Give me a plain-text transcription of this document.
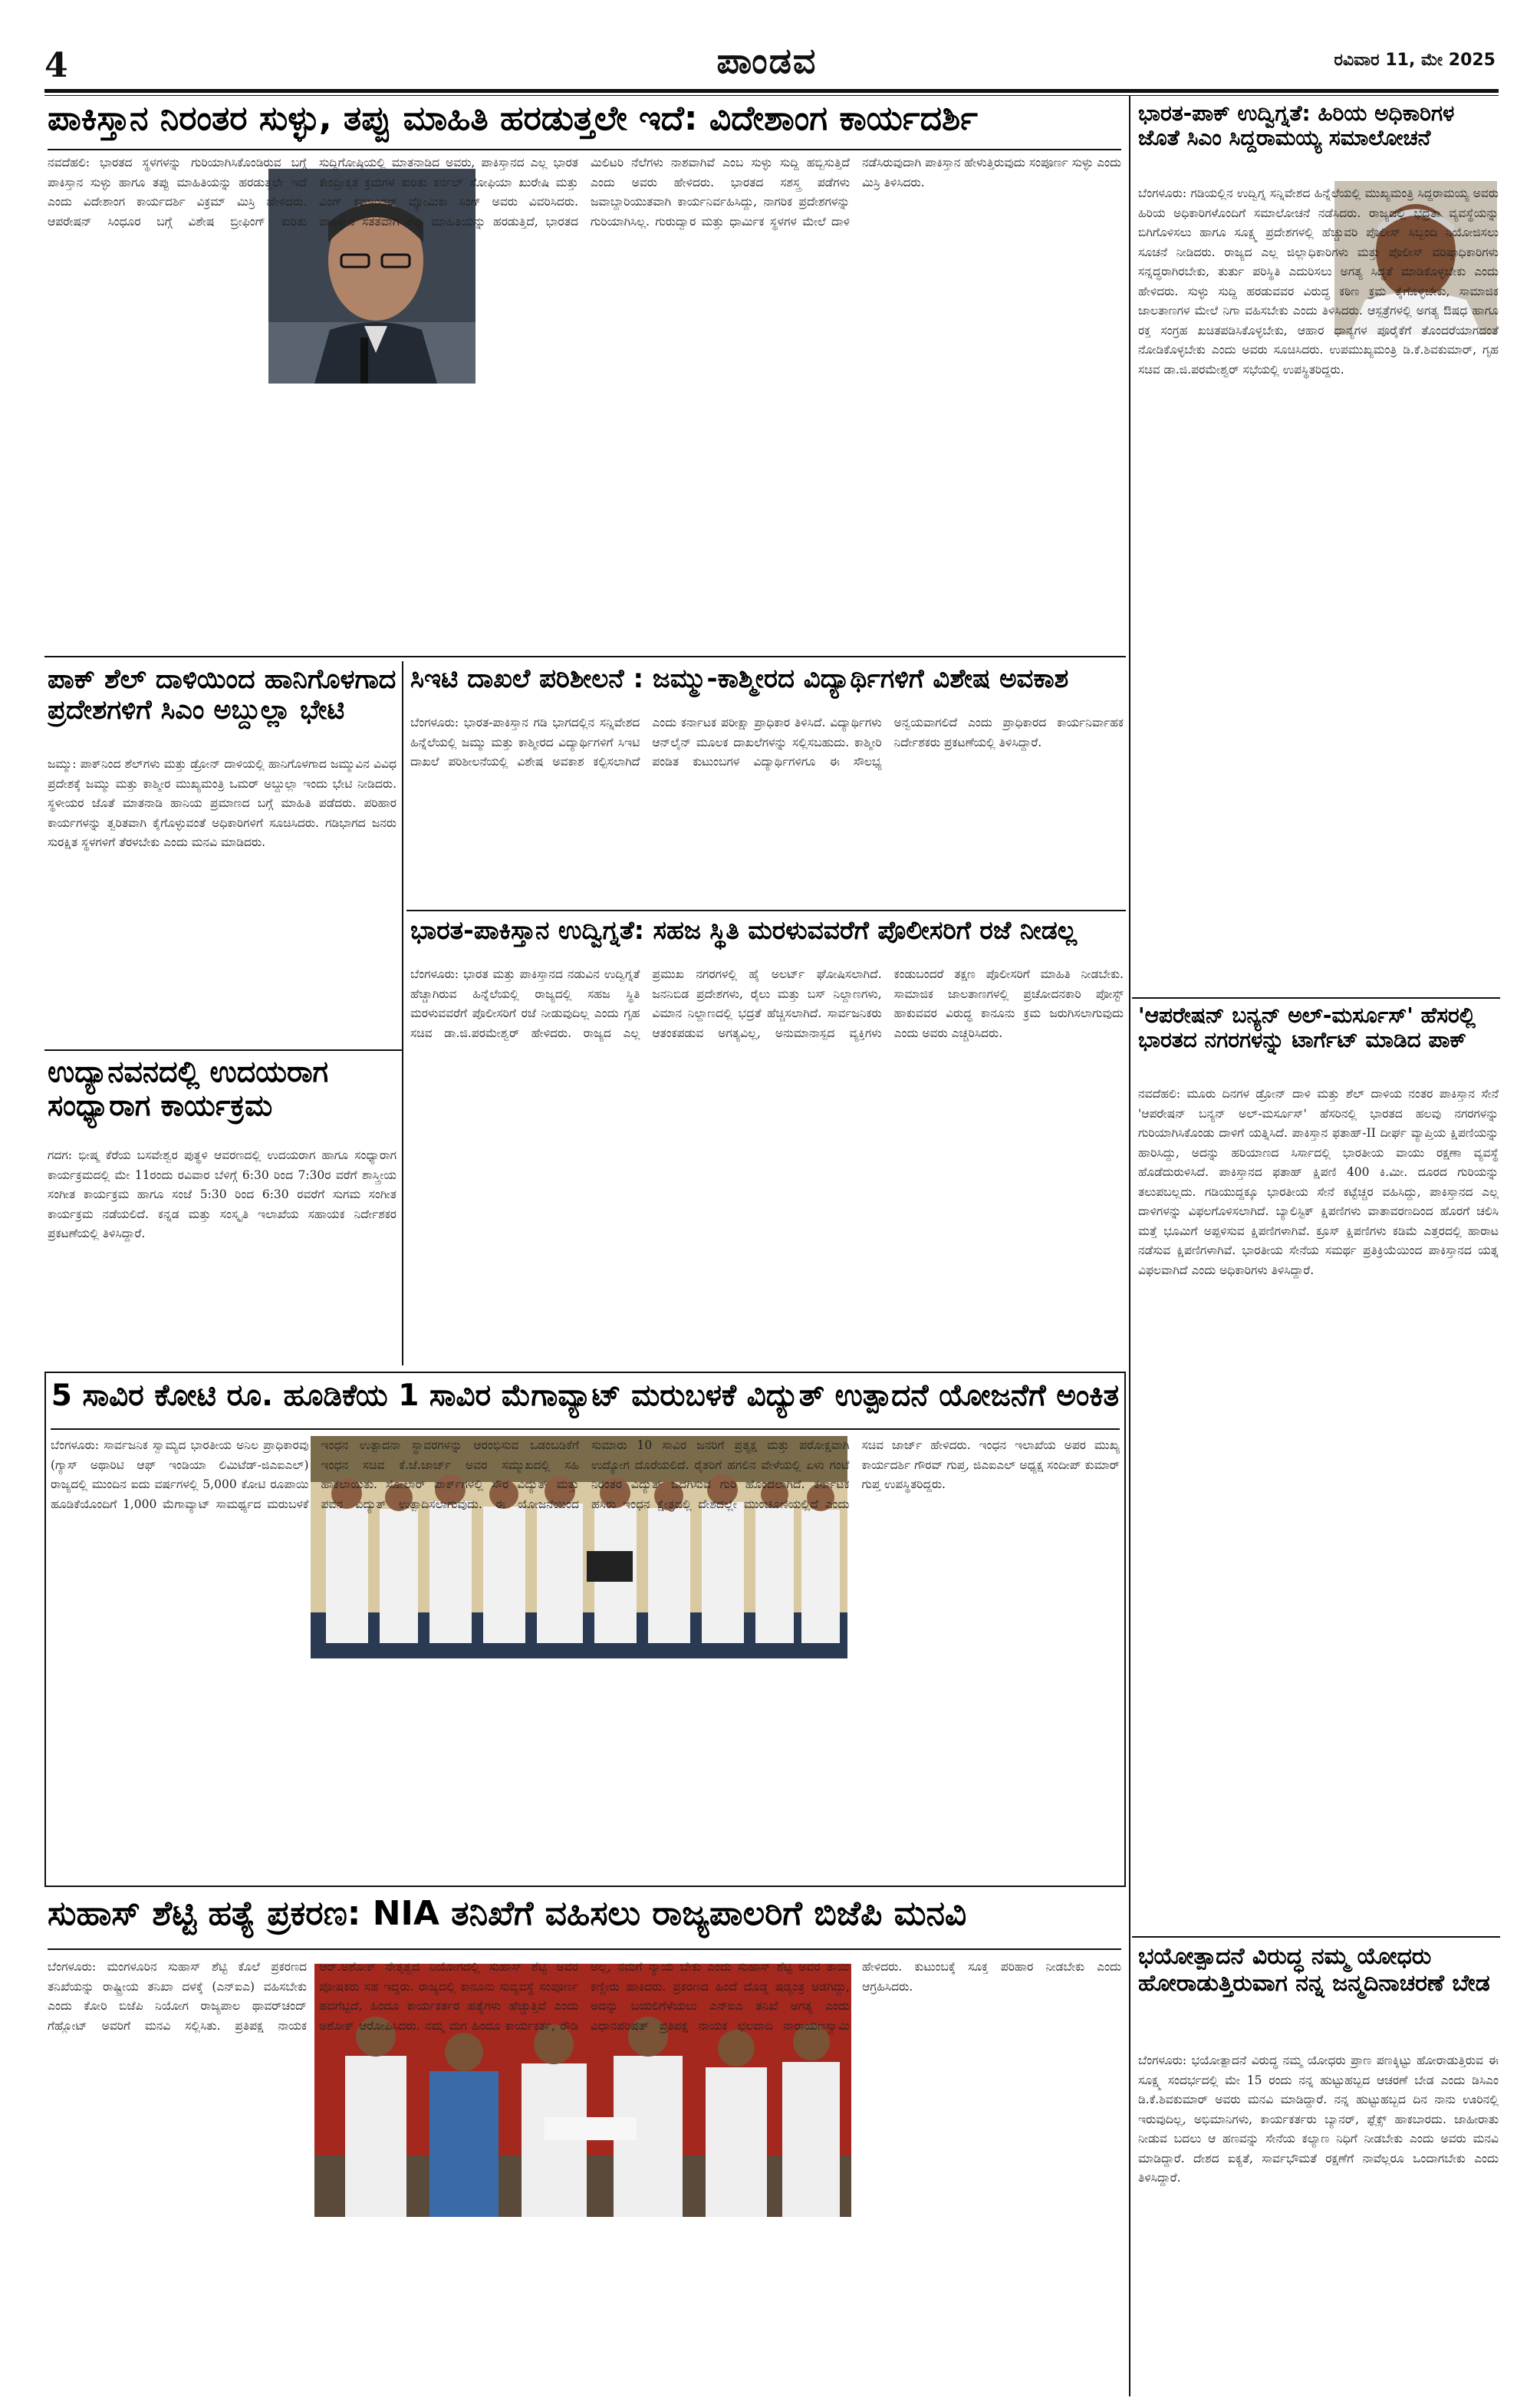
4	ಪಾಂಡವ	ರವಿವಾರ 11, ಮೇ 2025
ಪಾಕಿಸ್ತಾನ ನಿರಂತರ ಸುಳ್ಳು, ತಪ್ಪು ಮಾಹಿತಿ ಹರಡುತ್ತಲೇ ಇದೆ: ವಿದೇಶಾಂಗ ಕಾರ್ಯದರ್ಶಿ
ನವದೆಹಲಿ: ಭಾರತದ ಸ್ಥಳಗಳನ್ನು ಗುರಿಯಾಗಿಸಿಕೊಂಡಿರುವ ಬಗ್ಗೆ ಪಾಕಿಸ್ತಾನ ಸುಳ್ಳು ಹಾಗೂ ತಪ್ಪು ಮಾಹಿತಿಯನ್ನು ಹರಡುತ್ತಲೇ ಇದೆ ಎಂದು ವಿದೇಶಾಂಗ ಕಾರ್ಯದರ್ಶಿ ವಿಕ್ರಮ್ ಮಿಸ್ರಿ ಹೇಳಿದರು. ಆಪರೇಷನ್ ಸಿಂಧೂರ ಬಗ್ಗೆ ವಿಶೇಷ ಬ್ರೀಫಿಂಗ್ ಕುರಿತು ಸುದ್ದಿಗೋಷ್ಠಿಯಲ್ಲಿ ಮಾತನಾಡಿದ ಅವರು, ಪಾಕಿಸ್ತಾನದ ಎಲ್ಲ ಭಾರತ ಕೇಂದ್ರೀಕೃತ ಕ್ರಮಗಳ ಕುರಿತು ಕರ್ನಲ್ ಸೋಫಿಯಾ ಖುರೇಷಿ ಮತ್ತು ವಿಂಗ್ ಕಮಾಂಡರ್ ವ್ಯೋಮಿಕಾ ಸಿಂಗ್ ಅವರು ವಿವರಿಸಿದರು. ಪಾಕಿಸ್ತಾನ ಸತತವಾಗಿ ತಪ್ಪು ಮಾಹಿತಿಯನ್ನು ಹರಡುತ್ತಿದೆ, ಭಾರತದ ಮಿಲಿಟರಿ ನೆಲೆಗಳು ನಾಶವಾಗಿವೆ ಎಂಬ ಸುಳ್ಳು ಸುದ್ದಿ ಹಬ್ಬಿಸುತ್ತಿದೆ ಎಂದು ಅವರು ಹೇಳಿದರು. ಭಾರತದ ಸಶಸ್ತ್ರ ಪಡೆಗಳು ಜವಾಬ್ದಾರಿಯುತವಾಗಿ ಕಾರ್ಯನಿರ್ವಹಿಸಿದ್ದು, ನಾಗರಿಕ ಪ್ರದೇಶಗಳನ್ನು ಗುರಿಯಾಗಿಸಿಲ್ಲ. ಗುರುದ್ವಾರ ಮತ್ತು ಧಾರ್ಮಿಕ ಸ್ಥಳಗಳ ಮೇಲೆ ದಾಳಿ ನಡೆಸಿರುವುದಾಗಿ ಪಾಕಿಸ್ತಾನ ಹೇಳುತ್ತಿರುವುದು ಸಂಪೂರ್ಣ ಸುಳ್ಳು ಎಂದು ಮಿಸ್ರಿ ತಿಳಿಸಿದರು.
ಪಾಕ್ ಶೆಲ್ ದಾಳಿಯಿಂದ ಹಾನಿಗೊಳಗಾದ ಪ್ರದೇಶಗಳಿಗೆ ಸಿಎಂ ಅಬ್ದುಲ್ಲಾ ಭೇಟಿ
ಜಮ್ಮು: ಪಾಕ್‌ನಿಂದ ಶೆಲ್‌ಗಳು ಮತ್ತು ಡ್ರೋನ್ ದಾಳಿಯಲ್ಲಿ ಹಾನಿಗೊಳಗಾದ ಜಮ್ಮುವಿನ ವಿವಿಧ ಪ್ರದೇಶಕ್ಕೆ ಜಮ್ಮು ಮತ್ತು ಕಾಶ್ಮೀರ ಮುಖ್ಯಮಂತ್ರಿ ಒಮರ್ ಅಬ್ದುಲ್ಲಾ ಇಂದು ಭೇಟಿ ನೀಡಿದರು. ಸ್ಥಳೀಯರ ಜೊತೆ ಮಾತನಾಡಿ ಹಾನಿಯ ಪ್ರಮಾಣದ ಬಗ್ಗೆ ಮಾಹಿತಿ ಪಡೆದರು. ಪರಿಹಾರ ಕಾರ್ಯಗಳನ್ನು ತ್ವರಿತವಾಗಿ ಕೈಗೊಳ್ಳುವಂತೆ ಅಧಿಕಾರಿಗಳಿಗೆ ಸೂಚಿಸಿದರು. ಗಡಿಭಾಗದ ಜನರು ಸುರಕ್ಷಿತ ಸ್ಥಳಗಳಿಗೆ ತೆರಳಬೇಕು ಎಂದು ಮನವಿ ಮಾಡಿದರು.
ಸಿಇಟಿ ದಾಖಲೆ ಪರಿಶೀಲನೆ : ಜಮ್ಮು-ಕಾಶ್ಮೀರದ ವಿದ್ಯಾರ್ಥಿಗಳಿಗೆ ವಿಶೇಷ ಅವಕಾಶ
ಬೆಂಗಳೂರು: ಭಾರತ-ಪಾಕಿಸ್ತಾನ ಗಡಿ ಭಾಗದಲ್ಲಿನ ಸನ್ನಿವೇಶದ ಹಿನ್ನೆಲೆಯಲ್ಲಿ ಜಮ್ಮು ಮತ್ತು ಕಾಶ್ಮೀರದ ವಿದ್ಯಾರ್ಥಿಗಳಿಗೆ ಸಿಇಟಿ ದಾಖಲೆ ಪರಿಶೀಲನೆಯಲ್ಲಿ ವಿಶೇಷ ಅವಕಾಶ ಕಲ್ಪಿಸಲಾಗಿದೆ ಎಂದು ಕರ್ನಾಟಕ ಪರೀಕ್ಷಾ ಪ್ರಾಧಿಕಾರ ತಿಳಿಸಿದೆ. ವಿದ್ಯಾರ್ಥಿಗಳು ಆನ್‌ಲೈನ್ ಮೂಲಕ ದಾಖಲೆಗಳನ್ನು ಸಲ್ಲಿಸಬಹುದು. ಕಾಶ್ಮೀರಿ ಪಂಡಿತ ಕುಟುಂಬಗಳ ವಿದ್ಯಾರ್ಥಿಗಳಿಗೂ ಈ ಸೌಲಭ್ಯ ಅನ್ವಯವಾಗಲಿದೆ ಎಂದು ಪ್ರಾಧಿಕಾರದ ಕಾರ್ಯನಿರ್ವಾಹಕ ನಿರ್ದೇಶಕರು ಪ್ರಕಟಣೆಯಲ್ಲಿ ತಿಳಿಸಿದ್ದಾರೆ.
ಭಾರತ-ಪಾಕಿಸ್ತಾನ ಉದ್ವಿಗ್ನತೆ: ಸಹಜ ಸ್ಥಿತಿ ಮರಳುವವರೆಗೆ ಪೊಲೀಸರಿಗೆ ರಜೆ ನೀಡಲ್ಲ
ಬೆಂಗಳೂರು: ಭಾರತ ಮತ್ತು ಪಾಕಿಸ್ತಾನದ ನಡುವಿನ ಉದ್ವಿಗ್ನತೆ ಹೆಚ್ಚಾಗಿರುವ ಹಿನ್ನೆಲೆಯಲ್ಲಿ ರಾಜ್ಯದಲ್ಲಿ ಸಹಜ ಸ್ಥಿತಿ ಮರಳುವವರೆಗೆ ಪೊಲೀಸರಿಗೆ ರಜೆ ನೀಡುವುದಿಲ್ಲ ಎಂದು ಗೃಹ ಸಚಿವ ಡಾ.ಜಿ.ಪರಮೇಶ್ವರ್ ಹೇಳಿದರು. ರಾಜ್ಯದ ಎಲ್ಲ ಪ್ರಮುಖ ನಗರಗಳಲ್ಲಿ ಹೈ ಅಲರ್ಟ್ ಘೋಷಿಸಲಾಗಿದೆ. ಜನನಿಬಿಡ ಪ್ರದೇಶಗಳು, ರೈಲು ಮತ್ತು ಬಸ್ ನಿಲ್ದಾಣಗಳು, ವಿಮಾನ ನಿಲ್ದಾಣದಲ್ಲಿ ಭದ್ರತೆ ಹೆಚ್ಚಿಸಲಾಗಿದೆ. ಸಾರ್ವಜನಿಕರು ಆತಂಕಪಡುವ ಅಗತ್ಯವಿಲ್ಲ, ಅನುಮಾನಾಸ್ಪದ ವ್ಯಕ್ತಿಗಳು ಕಂಡುಬಂದರೆ ತಕ್ಷಣ ಪೊಲೀಸರಿಗೆ ಮಾಹಿತಿ ನೀಡಬೇಕು. ಸಾಮಾಜಿಕ ಜಾಲತಾಣಗಳಲ್ಲಿ ಪ್ರಚೋದನಕಾರಿ ಪೋಸ್ಟ್ ಹಾಕುವವರ ವಿರುದ್ಧ ಕಾನೂನು ಕ್ರಮ ಜರುಗಿಸಲಾಗುವುದು ಎಂದು ಅವರು ಎಚ್ಚರಿಸಿದರು.
ಉದ್ಯಾನವನದಲ್ಲಿ ಉದಯರಾಗ ಸಂಧ್ಯಾರಾಗ ಕಾರ್ಯಕ್ರಮ
ಗದಗ: ಭೀಷ್ಮ ಕೆರೆಯ ಬಸವೇಶ್ವರ ಪುತ್ಥಳಿ ಆವರಣದಲ್ಲಿ ಉದಯರಾಗ ಹಾಗೂ ಸಂಧ್ಯಾರಾಗ ಕಾರ್ಯಕ್ರಮದಲ್ಲಿ ಮೇ 11ರಂದು ರವಿವಾರ ಬೆಳಿಗ್ಗೆ 6:30 ರಿಂದ 7:30ರ ವರೆಗೆ ಶಾಸ್ತ್ರೀಯ ಸಂಗೀತ ಕಾರ್ಯಕ್ರಮ ಹಾಗೂ ಸಂಜೆ 5:30 ರಿಂದ 6:30 ರವರೆಗೆ ಸುಗಮ ಸಂಗೀತ ಕಾರ್ಯಕ್ರಮ ನಡೆಯಲಿದೆ. ಕನ್ನಡ ಮತ್ತು ಸಂಸ್ಕೃತಿ ಇಲಾಖೆಯ ಸಹಾಯಕ ನಿರ್ದೇಶಕರ ಪ್ರಕಟಣೆಯಲ್ಲಿ ತಿಳಿಸಿದ್ದಾರೆ.
5 ಸಾವಿರ ಕೋಟಿ ರೂ. ಹೂಡಿಕೆಯ 1 ಸಾವಿರ ಮೆಗಾವ್ಯಾಟ್ ಮರುಬಳಕೆ ವಿದ್ಯುತ್ ಉತ್ಪಾದನೆ ಯೋಜನೆಗೆ ಅಂಕಿತ
ಬೆಂಗಳೂರು: ಸಾರ್ವಜನಿಕ ಸ್ವಾಮ್ಯದ ಭಾರತೀಯ ಅನಿಲ ಪ್ರಾಧಿಕಾರವು (ಗ್ಯಾಸ್ ಅಥಾರಿಟಿ ಆಫ್ ಇಂಡಿಯಾ ಲಿಮಿಟೆಡ್-ಜಿಎಐಎಲ್) ರಾಜ್ಯದಲ್ಲಿ ಮುಂದಿನ ಐದು ವರ್ಷಗಳಲ್ಲಿ 5,000 ಕೋಟಿ ರೂಪಾಯಿ ಹೂಡಿಕೆಯೊಂದಿಗೆ 1,000 ಮೆಗಾವ್ಯಾಟ್ ಸಾಮರ್ಥ್ಯದ ಮರುಬಳಕೆ ಇಂಧನ ಉತ್ಪಾದನಾ ಸ್ಥಾವರಗಳನ್ನು ಆರಂಭಿಸುವ ಒಡಂಬಡಿಕೆಗೆ ಇಂಧನ ಸಚಿವ ಕೆ.ಜೆ.ಜಾರ್ಜ್ ಅವರ ಸಮ್ಮುಖದಲ್ಲಿ ಸಹಿ ಹಾಕಲಾಯಿತು. ಸೋಲಾರ್ ಪಾರ್ಕ್‌ಗಳಲ್ಲಿ ಸೌರ ವಿದ್ಯುತ್ ಮತ್ತು ಪವನ ವಿದ್ಯುತ್ ಉತ್ಪಾದಿಸಲಾಗುವುದು. ಈ ಯೋಜನೆಯಿಂದ ಸುಮಾರು 10 ಸಾವಿರ ಜನರಿಗೆ ಪ್ರತ್ಯಕ್ಷ ಮತ್ತು ಪರೋಕ್ಷವಾಗಿ ಉದ್ಯೋಗ ದೊರೆಯಲಿದೆ. ರೈತರಿಗೆ ಹಗಲಿನ ವೇಳೆಯಲ್ಲಿ ಏಳು ಗಂಟೆ ನಿರಂತರ ವಿದ್ಯುತ್ ಒದಗಿಸುವ ಗುರಿ ಹೊಂದಲಾಗಿದೆ. ಕರ್ನಾಟಕ ಹಸಿರು ಇಂಧನ ಕ್ಷೇತ್ರದಲ್ಲಿ ದೇಶದಲ್ಲೇ ಮುಂಚೂಣಿಯಲ್ಲಿದೆ ಎಂದು ಸಚಿವ ಜಾರ್ಜ್ ಹೇಳಿದರು. ಇಂಧನ ಇಲಾಖೆಯ ಅಪರ ಮುಖ್ಯ ಕಾರ್ಯದರ್ಶಿ ಗೌರವ್ ಗುಪ್ತ, ಜಿಎಐಎಲ್ ಅಧ್ಯಕ್ಷ ಸಂದೀಪ್ ಕುಮಾರ್ ಗುಪ್ತ ಉಪಸ್ಥಿತರಿದ್ದರು.
ಸುಹಾಸ್ ಶೆಟ್ಟಿ ಹತ್ಯೆ ಪ್ರಕರಣ: NIA ತನಿಖೆಗೆ ವಹಿಸಲು ರಾಜ್ಯಪಾಲರಿಗೆ ಬಿಜೆಪಿ ಮನವಿ
ಬೆಂಗಳೂರು: ಮಂಗಳೂರಿನ ಸುಹಾಸ್ ಶೆಟ್ಟಿ ಕೊಲೆ ಪ್ರಕರಣದ ತನಿಖೆಯನ್ನು ರಾಷ್ಟ್ರೀಯ ತನಿಖಾ ದಳಕ್ಕೆ (ಎನ್‌ಐಎ) ವಹಿಸಬೇಕು ಎಂದು ಕೋರಿ ಬಿಜೆಪಿ ನಿಯೋಗ ರಾಜ್ಯಪಾಲ ಥಾವರ್‌ಚಂದ್ ಗೆಹ್ಲೋಟ್ ಅವರಿಗೆ ಮನವಿ ಸಲ್ಲಿಸಿತು. ಪ್ರತಿಪಕ್ಷ ನಾಯಕ ಆರ್.ಅಶೋಕ್ ನೇತೃತ್ವದ ನಿಯೋಗದಲ್ಲಿ ಸುಹಾಸ್ ಶೆಟ್ಟಿ ಅವರ ಪೋಷಕರು ಸಹ ಇದ್ದರು. ರಾಜ್ಯದಲ್ಲಿ ಕಾನೂನು ಸುವ್ಯವಸ್ಥೆ ಸಂಪೂರ್ಣ ಹದಗೆಟ್ಟಿದೆ, ಹಿಂದೂ ಕಾರ್ಯಕರ್ತರ ಹತ್ಯೆಗಳು ಹೆಚ್ಚುತ್ತಿವೆ ಎಂದು ಅಶೋಕ್ ಆರೋಪಿಸಿದರು. ನಮ್ಮ ಮಗ ಹಿಂದೂ ಕಾರ್ಯಕರ್ತ, ರೌಡಿ ಅಲ್ಲ, ನಮಗೆ ನ್ಯಾಯ ಬೇಕು ಎಂದು ಸುಹಾಸ್ ಶೆಟ್ಟಿ ಅವರ ತಾಯಿ ಕಣ್ಣೀರು ಹಾಕಿದರು. ಪ್ರಕರಣದ ಹಿಂದೆ ದೊಡ್ಡ ಷಡ್ಯಂತ್ರ ಅಡಗಿದ್ದು, ಅದನ್ನು ಬಯಲಿಗೆಳೆಯಲು ಎನ್‌ಐಎ ತನಿಖೆ ಅಗತ್ಯ ಎಂದು ವಿಧಾನಪರಿಷತ್ ಪ್ರತಿಪಕ್ಷ ನಾಯಕ ಛಲವಾದಿ ನಾರಾಯಣಸ್ವಾಮಿ ಹೇಳಿದರು. ಕುಟುಂಬಕ್ಕೆ ಸೂಕ್ತ ಪರಿಹಾರ ನೀಡಬೇಕು ಎಂದು ಆಗ್ರಹಿಸಿದರು.
ಭಾರತ-ಪಾಕ್ ಉದ್ವಿಗ್ನತೆ: ಹಿರಿಯ ಅಧಿಕಾರಿಗಳ ಜೊತೆ ಸಿಎಂ ಸಿದ್ದರಾಮಯ್ಯ ಸಮಾಲೋಚನೆ
ಬೆಂಗಳೂರು: ಗಡಿಯಲ್ಲಿನ ಉದ್ವಿಗ್ನ ಸನ್ನಿವೇಶದ ಹಿನ್ನೆಲೆಯಲ್ಲಿ ಮುಖ್ಯಮಂತ್ರಿ ಸಿದ್ದರಾಮಯ್ಯ ಅವರು ಹಿರಿಯ ಅಧಿಕಾರಿಗಳೊಂದಿಗೆ ಸಮಾಲೋಚನೆ ನಡೆಸಿದರು. ರಾಜ್ಯದಲ್ಲಿ ಭದ್ರತಾ ವ್ಯವಸ್ಥೆಯನ್ನು ಬಿಗಿಗೊಳಿಸಲು ಹಾಗೂ ಸೂಕ್ಷ್ಮ ಪ್ರದೇಶಗಳಲ್ಲಿ ಹೆಚ್ಚುವರಿ ಪೊಲೀಸ್ ಸಿಬ್ಬಂದಿ ನಿಯೋಜಿಸಲು ಸೂಚನೆ ನೀಡಿದರು. ರಾಜ್ಯದ ಎಲ್ಲ ಜಿಲ್ಲಾಧಿಕಾರಿಗಳು ಮತ್ತು ಪೊಲೀಸ್ ವರಿಷ್ಠಾಧಿಕಾರಿಗಳು ಸನ್ನದ್ಧರಾಗಿರಬೇಕು, ತುರ್ತು ಪರಿಸ್ಥಿತಿ ಎದುರಿಸಲು ಅಗತ್ಯ ಸಿದ್ಧತೆ ಮಾಡಿಕೊಳ್ಳಬೇಕು ಎಂದು ಹೇಳಿದರು. ಸುಳ್ಳು ಸುದ್ದಿ ಹರಡುವವರ ವಿರುದ್ಧ ಕಠಿಣ ಕ್ರಮ ಕೈಗೊಳ್ಳಬೇಕು, ಸಾಮಾಜಿಕ ಜಾಲತಾಣಗಳ ಮೇಲೆ ನಿಗಾ ವಹಿಸಬೇಕು ಎಂದು ತಿಳಿಸಿದರು. ಆಸ್ಪತ್ರೆಗಳಲ್ಲಿ ಅಗತ್ಯ ಔಷಧ ಹಾಗೂ ರಕ್ತ ಸಂಗ್ರಹ ಖಚಿತಪಡಿಸಿಕೊಳ್ಳಬೇಕು, ಆಹಾರ ಧಾನ್ಯಗಳ ಪೂರೈಕೆಗೆ ತೊಂದರೆಯಾಗದಂತೆ ನೋಡಿಕೊಳ್ಳಬೇಕು ಎಂದು ಅವರು ಸೂಚಿಸಿದರು. ಉಪಮುಖ್ಯಮಂತ್ರಿ ಡಿ.ಕೆ.ಶಿವಕುಮಾರ್, ಗೃಹ ಸಚಿವ ಡಾ.ಜಿ.ಪರಮೇಶ್ವರ್ ಸಭೆಯಲ್ಲಿ ಉಪಸ್ಥಿತರಿದ್ದರು.
'ಆಪರೇಷನ್ ಬನ್ಯನ್ ಅಲ್-ಮರ್ಸೂಸ್' ಹೆಸರಲ್ಲಿ ಭಾರತದ ನಗರಗಳನ್ನು ಟಾರ್ಗೆಟ್ ಮಾಡಿದ ಪಾಕ್
ನವದೆಹಲಿ: ಮೂರು ದಿನಗಳ ಡ್ರೋನ್ ದಾಳಿ ಮತ್ತು ಶೆಲ್ ದಾಳಿಯ ನಂತರ ಪಾಕಿಸ್ತಾನ ಸೇನೆ 'ಆಪರೇಷನ್ ಬನ್ಯನ್ ಅಲ್-ಮರ್ಸೂಸ್' ಹೆಸರಿನಲ್ಲಿ ಭಾರತದ ಹಲವು ನಗರಗಳನ್ನು ಗುರಿಯಾಗಿಸಿಕೊಂಡು ದಾಳಿಗೆ ಯತ್ನಿಸಿದೆ. ಪಾಕಿಸ್ತಾನ ಫತಾಹ್-II ದೀರ್ಘ ವ್ಯಾಪ್ತಿಯ ಕ್ಷಿಪಣಿಯನ್ನು ಹಾರಿಸಿದ್ದು, ಅದನ್ನು ಹರಿಯಾಣದ ಸಿರ್ಸಾದಲ್ಲಿ ಭಾರತೀಯ ವಾಯು ರಕ್ಷಣಾ ವ್ಯವಸ್ಥೆ ಹೊಡೆದುರುಳಿಸಿದೆ. ಪಾಕಿಸ್ತಾನದ ಫತಾಹ್ ಕ್ಷಿಪಣಿ 400 ಕಿ.ಮೀ. ದೂರದ ಗುರಿಯನ್ನು ತಲುಪಬಲ್ಲದು. ಗಡಿಯುದ್ದಕ್ಕೂ ಭಾರತೀಯ ಸೇನೆ ಕಟ್ಟೆಚ್ಚರ ವಹಿಸಿದ್ದು, ಪಾಕಿಸ್ತಾನದ ಎಲ್ಲ ದಾಳಿಗಳನ್ನು ವಿಫಲಗೊಳಿಸಲಾಗಿದೆ. ಬ್ಯಾಲಿಸ್ಟಿಕ್ ಕ್ಷಿಪಣಿಗಳು ವಾತಾವರಣದಿಂದ ಹೊರಗೆ ಚಲಿಸಿ ಮತ್ತೆ ಭೂಮಿಗೆ ಅಪ್ಪಳಿಸುವ ಕ್ಷಿಪಣಿಗಳಾಗಿವೆ. ಕ್ರೂಸ್ ಕ್ಷಿಪಣಿಗಳು ಕಡಿಮೆ ಎತ್ತರದಲ್ಲಿ ಹಾರಾಟ ನಡೆಸುವ ಕ್ಷಿಪಣಿಗಳಾಗಿವೆ. ಭಾರತೀಯ ಸೇನೆಯ ಸಮರ್ಥ ಪ್ರತಿಕ್ರಿಯೆಯಿಂದ ಪಾಕಿಸ್ತಾನದ ಯತ್ನ ವಿಫಲವಾಗಿದೆ ಎಂದು ಅಧಿಕಾರಿಗಳು ತಿಳಿಸಿದ್ದಾರೆ.
ಭಯೋತ್ಪಾದನೆ ವಿರುದ್ಧ ನಮ್ಮ ಯೋಧರು ಹೋರಾಡುತ್ತಿರುವಾಗ ನನ್ನ ಜನ್ಮದಿನಾಚರಣೆ ಬೇಡ
ಬೆಂಗಳೂರು: ಭಯೋತ್ಪಾದನೆ ವಿರುದ್ಧ ನಮ್ಮ ಯೋಧರು ಪ್ರಾಣ ಪಣಕ್ಕಿಟ್ಟು ಹೋರಾಡುತ್ತಿರುವ ಈ ಸೂಕ್ಷ್ಮ ಸಂದರ್ಭದಲ್ಲಿ ಮೇ 15 ರಂದು ನನ್ನ ಹುಟ್ಟುಹಬ್ಬದ ಆಚರಣೆ ಬೇಡ ಎಂದು ಡಿಸಿಎಂ ಡಿ.ಕೆ.ಶಿವಕುಮಾರ್ ಅವರು ಮನವಿ ಮಾಡಿದ್ದಾರೆ. ನನ್ನ ಹುಟ್ಟುಹಬ್ಬದ ದಿನ ನಾನು ಊರಿನಲ್ಲಿ ಇರುವುದಿಲ್ಲ, ಅಭಿಮಾನಿಗಳು, ಕಾರ್ಯಕರ್ತರು ಬ್ಯಾನರ್, ಫ್ಲೆಕ್ಸ್ ಹಾಕಬಾರದು. ಜಾಹೀರಾತು ನೀಡುವ ಬದಲು ಆ ಹಣವನ್ನು ಸೇನೆಯ ಕಲ್ಯಾಣ ನಿಧಿಗೆ ನೀಡಬೇಕು ಎಂದು ಅವರು ಮನವಿ ಮಾಡಿದ್ದಾರೆ. ದೇಶದ ಐಕ್ಯತೆ, ಸಾರ್ವಭೌಮತೆ ರಕ್ಷಣೆಗೆ ನಾವೆಲ್ಲರೂ ಒಂದಾಗಬೇಕು ಎಂದು ತಿಳಿಸಿದ್ದಾರೆ.
